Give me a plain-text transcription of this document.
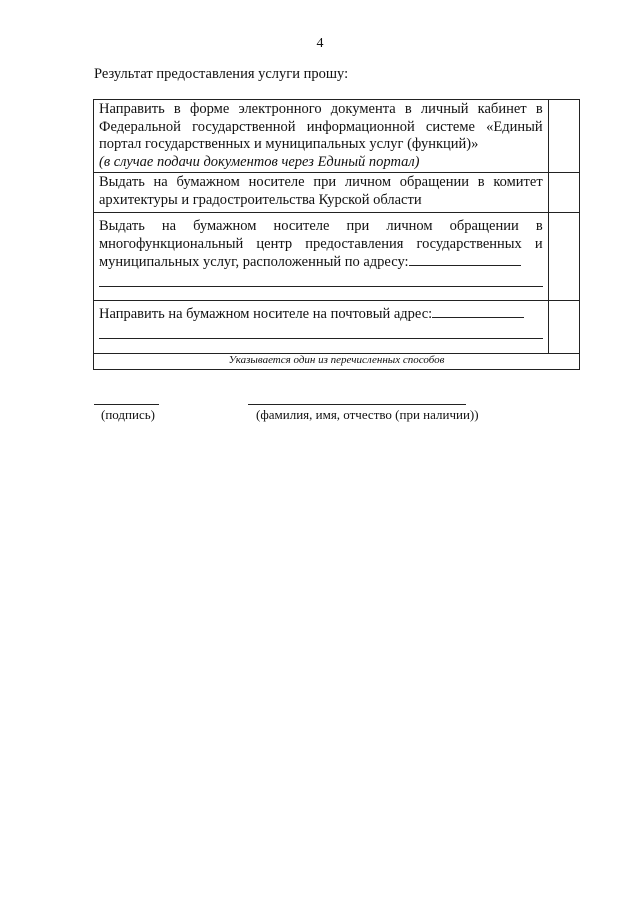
4
Результат предоставления услуги прошу:
Направить в форме электронного документа в личный кабинет в
Федеральной государственной информационной системе «Единый
портал государственных и муниципальных услуг (функций)»
(в случае подачи документов через Единый портал)	

Выдать на бумажном носителе при личном обращении в комитет
архитектуры и градостроительства Курской области	

Выдать на бумажном носителе при личном обращении в
многофункциональный центр предоставления государственных и
муниципальных услуг, расположенный по адресу:	

Направить на бумажном носителе на почтовый адрес:	

Указывается один из перечисленных способов	
(подпись)	(фамилия, имя, отчество (при наличии))
